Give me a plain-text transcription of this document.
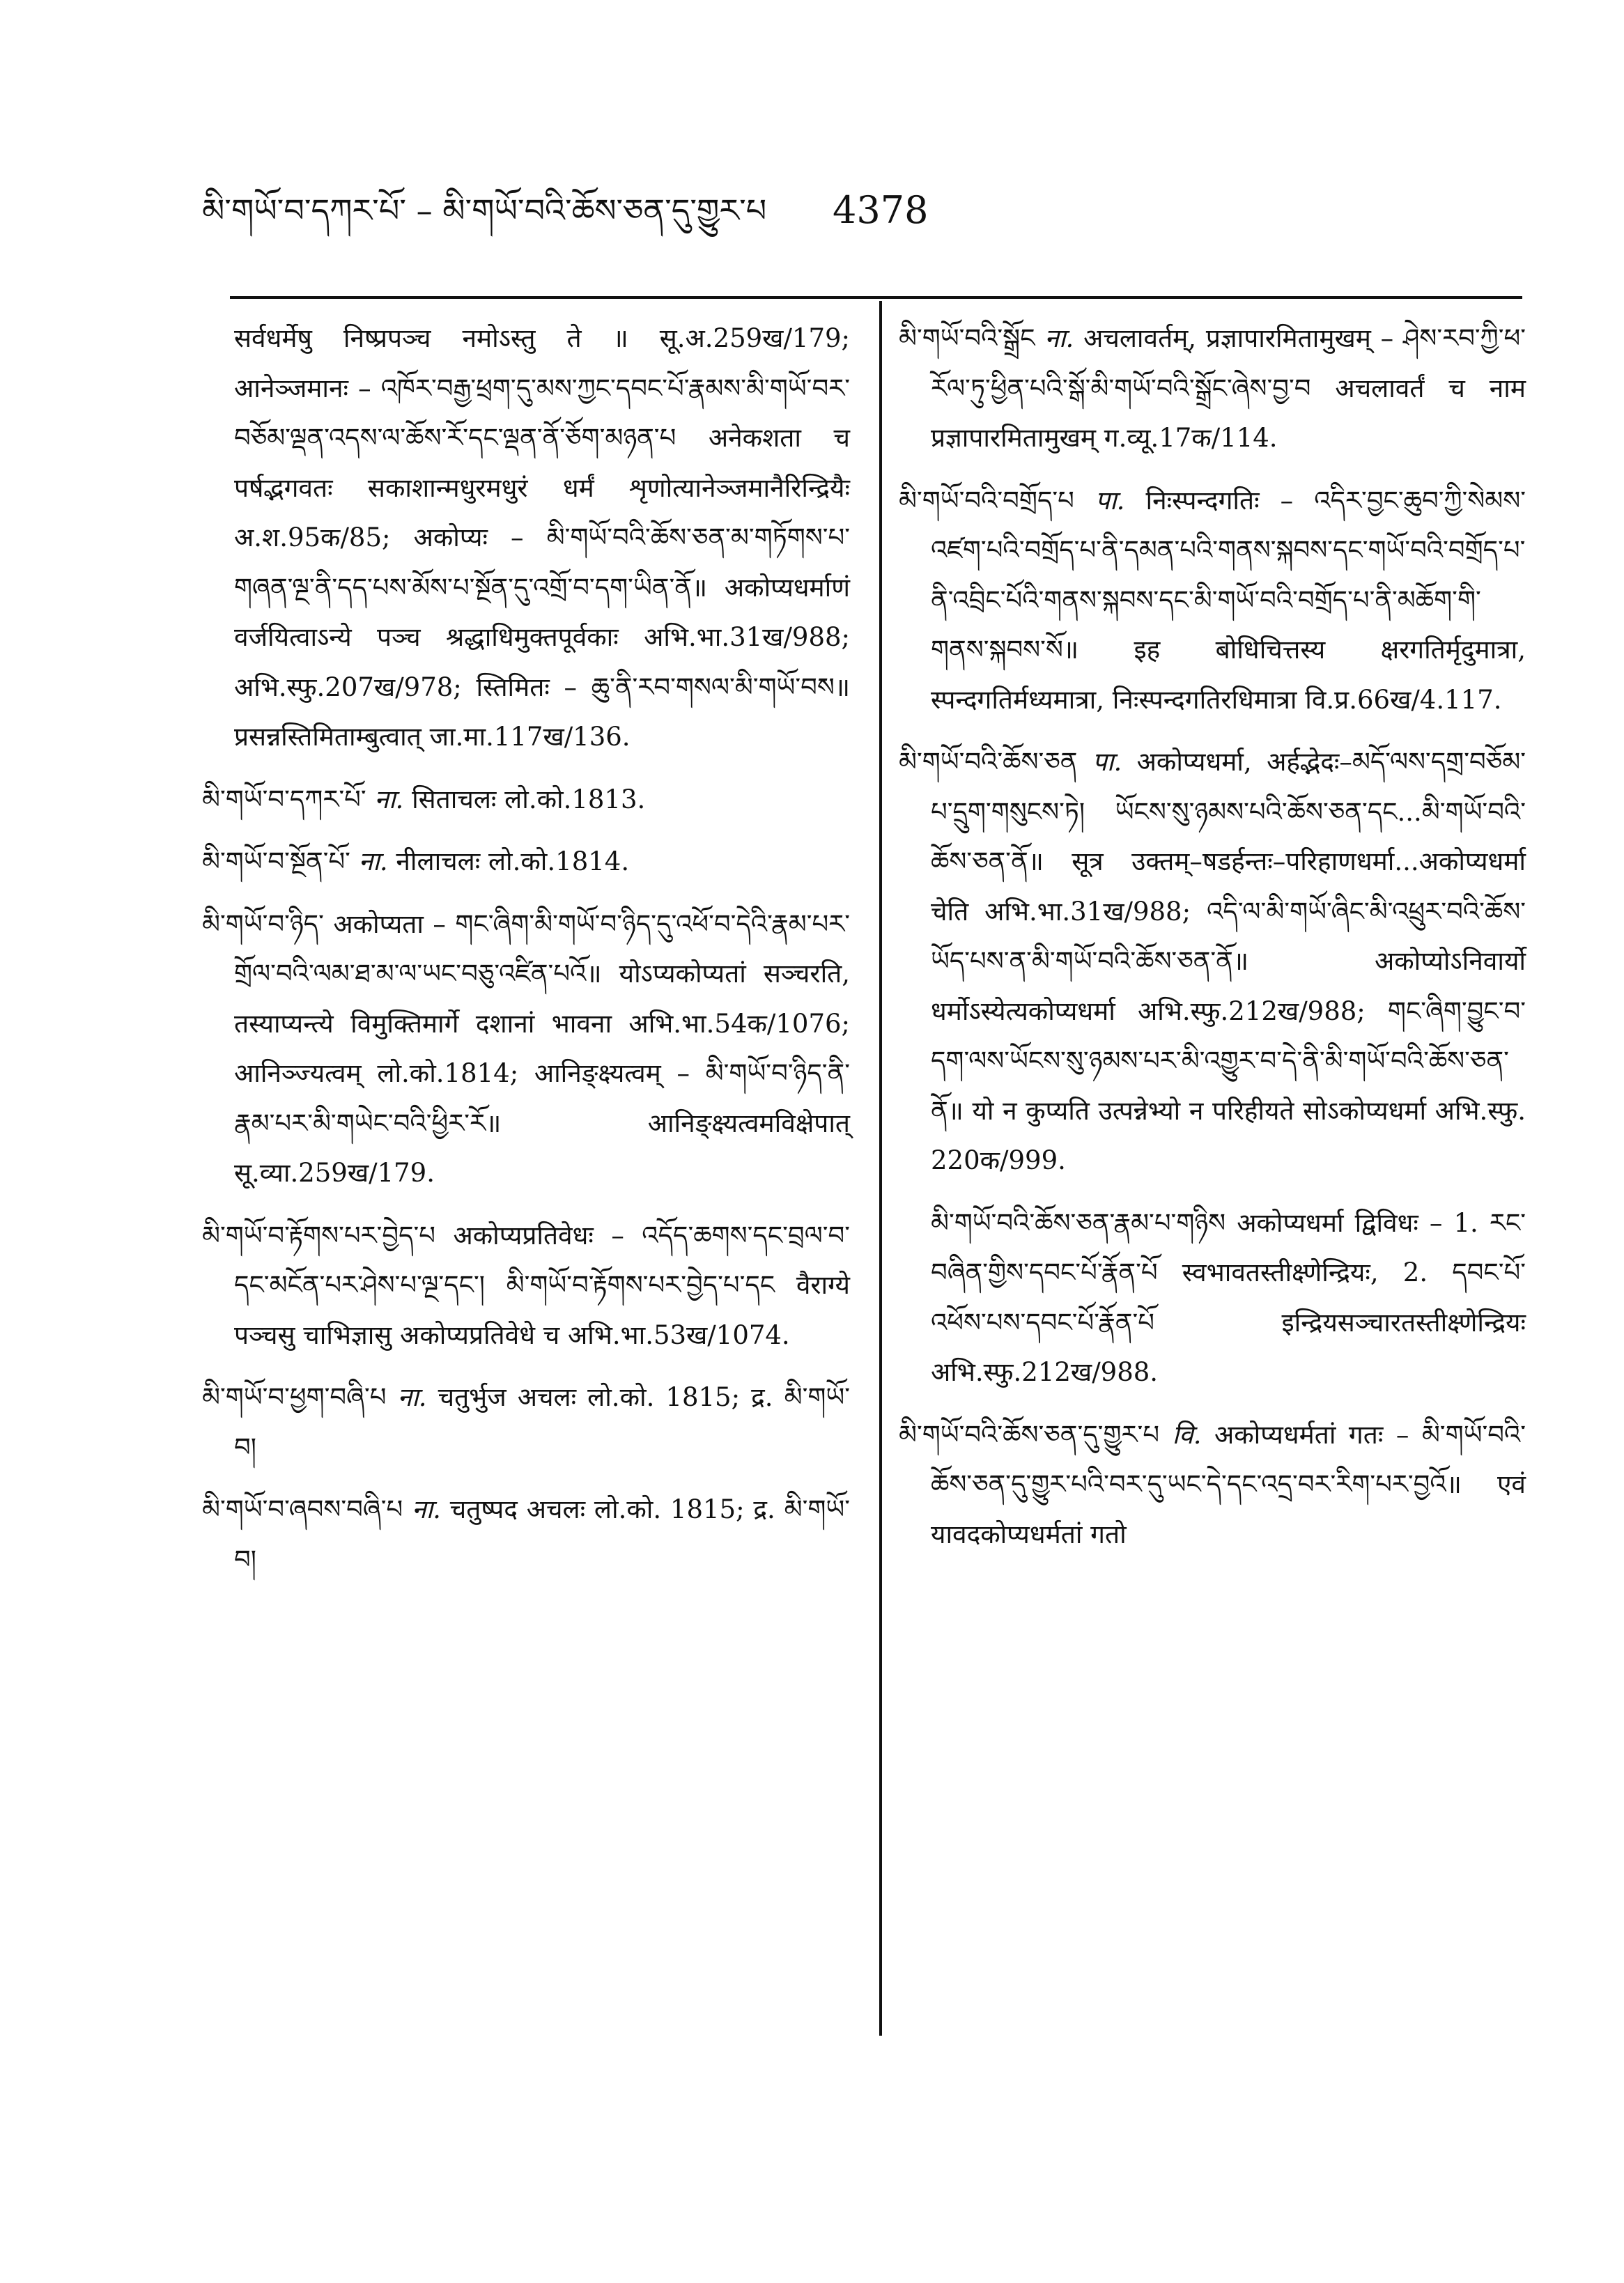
མི་གཡོ་བ་དཀར་པོ་ – མི་གཡོ་བའི་ཆོས་ཅན་དུ་གྱུར་པ 4378

सर्वधर्मेषु निष्प्रपञ्च नमोऽस्तु ते ॥ सू.अ.259ख/179; आनेञ्जमानः – འཁོར་བརྒྱ་ཕྲག་དུ་མས་ཀྱང་དབང་པོ་རྣམས་མི་གཡོ་བར་བཅོམ་ལྡན་འདས་ལ་ཆོས་རོ་དང་ལྡན་ནོ་ཅོག་མཉན་པ अनेकशता च पर्षद्भगवतः सकाशान्मधुरमधुरं धर्मं शृणोत्यानेञ्जमानैरिन्द्रियैः अ.श.95क/85; अकोप्यः – མི་གཡོ་བའི་ཆོས་ཅན་མ་གཏོགས་པ་གཞན་ལྔ་ནི་དད་པས་མོས་པ་སྔོན་དུ་འགྲོ་བ་དག་ཡིན་ནོ॥ अकोप्यधर्माणं वर्जयित्वाऽन्ये पञ्च श्रद्धाधिमुक्तपूर्वकाः अभि.भा.31ख/988; अभि.स्फु.207ख/978; स्तिमितः – ཆུ་ནི་རབ་གསལ་མི་གཡོ་བས॥ प्रसन्नस्तिमिताम्बुत्वात् जा.मा.117ख/136.

མི་གཡོ་བ་དཀར་པོ་ ना. सिताचलः लो.को.1813.

མི་གཡོ་བ་སྔོན་པོ་ ना. नीलाचलः लो.को.1814.

མི་གཡོ་བ་ཉིད་ अकोप्यता – གང་ཞིག་མི་གཡོ་བ་ཉིད་དུ་འཕོ་བ་དེའི་རྣམ་པར་གྲོལ་བའི་ལམ་ཐ་མ་ལ་ཡང་བཅུ་འཛིན་པའོ॥ योऽप्यकोप्यतां सञ्चरति, तस्याप्यन्त्ये विमुक्तिमार्गे दशानां भावना अभि.भा.54क/1076; आनिञ्ज्यत्वम् लो.को.1814; आनिङ्क्ष्यत्वम् – མི་གཡོ་བ་ཉིད་ནི་རྣམ་པར་མི་གཡེང་བའི་ཕྱིར་རོ॥ आनिङ्क्ष्यत्वमविक्षेपात् सू.व्या.259ख/179.

མི་གཡོ་བ་རྟོགས་པར་བྱེད་པ अकोप्यप्रतिवेधः – འདོད་ཆགས་དང་བྲལ་བ་དང་མངོན་པར་ཤེས་པ་ལྔ་དང་། མི་གཡོ་བ་རྟོགས་པར་བྱེད་པ་དང वैराग्ये पञ्चसु चाभिज्ञासु अकोप्यप्रतिवेधे च अभि.भा.53ख/1074.

མི་གཡོ་བ་ཕྱག་བཞི་པ ना. चतुर्भुज अचलः लो.को. 1815; द्र. མི་གཡོ་བ།

མི་གཡོ་བ་ཞབས་བཞི་པ ना. चतुष्पद अचलः लो.को. 1815; द्र. མི་གཡོ་བ།

མི་གཡོ་བའི་སྒྲོང ना. अचलावर्तम्, प्रज्ञापारमितामुखम् – ཤེས་རབ་ཀྱི་ཕ་རོལ་ཏུ་ཕྱིན་པའི་སྒོ་མི་གཡོ་བའི་སྒྲོང་ཞེས་བྱ་བ अचलावर्तं च नाम प्रज्ञापारमितामुखम् ग.व्यू.17क/114.

མི་གཡོ་བའི་བགྲོད་པ पा. निःस्पन्दगतिः – འདིར་བྱང་ཆུབ་ཀྱི་སེམས་འཛག་པའི་བགྲོད་པ་ནི་དམན་པའི་གནས་སྐབས་དང་གཡོ་བའི་བགྲོད་པ་ནི་འབྲིང་པོའི་གནས་སྐབས་དང་མི་གཡོ་བའི་བགྲོད་པ་ནི་མཆོག་གི་གནས་སྐབས་སོ॥ इह बोधिचित्तस्य क्षरगतिर्मृदुमात्रा, स्पन्दगतिर्मध्यमात्रा, निःस्पन्दगतिरधिमात्रा वि.प्र.66ख/4.117.

མི་གཡོ་བའི་ཆོས་ཅན पा. अकोप्यधर्मा, अर्हद्भेदः–མདོ་ལས་དགྲ་བཅོམ་པ་དྲུག་གསུངས་ཏེ། ཡོངས་སུ་ཉམས་པའི་ཆོས་ཅན་དང...མི་གཡོ་བའི་ཆོས་ཅན་ནོ॥ सूत्र उक्तम्–षडर्हन्तः–परिहाणधर्मा...अकोप्यधर्मा चेति अभि.भा.31ख/988; འདི་ལ་མི་གཡོ་ཞིང་མི་འཕྲུར་བའི་ཆོས་ཡོད་པས་ན་མི་གཡོ་བའི་ཆོས་ཅན་ནོ॥ अकोप्योऽनिवार्यो धर्मोऽस्येत्यकोप्यधर्मा अभि.स्फु.212ख/988; གང་ཞིག་བྱུང་བ་དག་ལས་ཡོངས་སུ་ཉམས་པར་མི་འགྱུར་བ་དེ་ནི་མི་གཡོ་བའི་ཆོས་ཅན་ནོ॥ यो न कुप्यति उत्पन्नेभ्यो न परिहीयते सोऽकोप्यधर्मा अभि.स्फु. 220क/999.

མི་གཡོ་བའི་ཆོས་ཅན་རྣམ་པ་གཉིས अकोप्यधर्मा द्विविधः – 1. རང་བཞིན་གྱིས་དབང་པོ་རྣོན་པོ स्वभावतस्तीक्ष्णेन्द्रियः, 2. དབང་པོ་འཕོས་པས་དབང་པོ་རྣོན་པོ इन्द्रियसञ्चारतस्तीक्ष्णेन्द्रियः अभि.स्फु.212ख/988.

མི་གཡོ་བའི་ཆོས་ཅན་དུ་གྱུར་པ वि. अकोप्यधर्मतां गतः – མི་གཡོ་བའི་ཆོས་ཅན་དུ་གྱུར་པའི་བར་དུ་ཡང་དེ་དང་འདྲ་བར་རིག་པར་བྱའོ॥ एवं यावदकोप्यधर्मतां गतो
